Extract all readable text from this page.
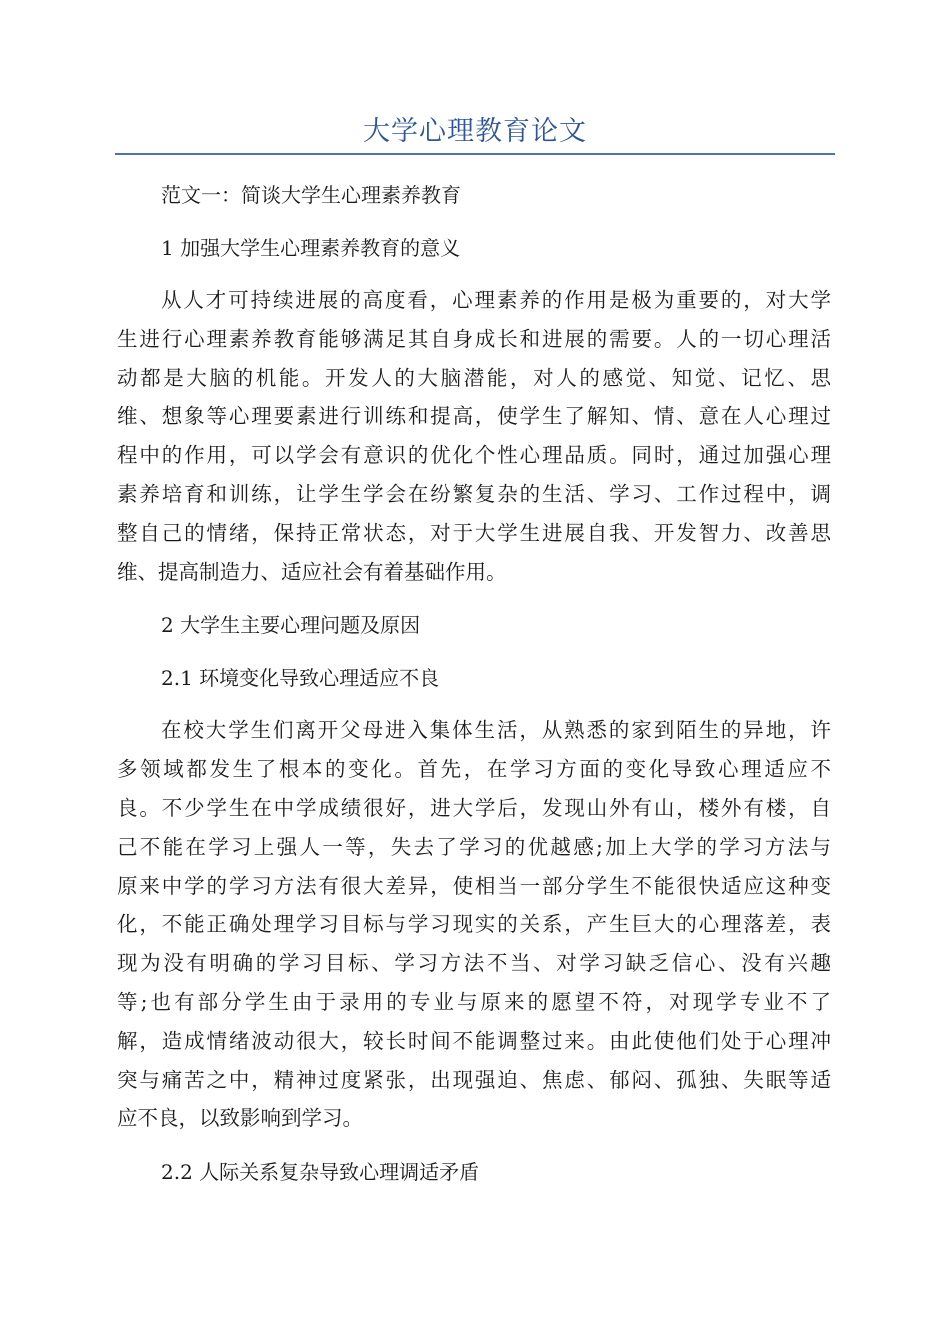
大学心理教育论文

范文一：简谈大学生心理素养教育

1 加强大学生心理素养教育的意义

从人才可持续进展的高度看，心理素养的作用是极为重要的，对大学
生进行心理素养教育能够满足其自身成长和进展的需要。人的一切心理活
动都是大脑的机能。开发人的大脑潜能，对人的感觉、知觉、记忆、思
维、想象等心理要素进行训练和提高，使学生了解知、情、意在人心理过
程中的作用，可以学会有意识的优化个性心理品质。同时，通过加强心理
素养培育和训练，让学生学会在纷繁复杂的生活、学习、工作过程中，调
整自己的情绪，保持正常状态，对于大学生进展自我、开发智力、改善思
维、提高制造力、适应社会有着基础作用。

2 大学生主要心理问题及原因

2.1 环境变化导致心理适应不良

在校大学生们离开父母进入集体生活，从熟悉的家到陌生的异地，许
多领域都发生了根本的变化。首先，在学习方面的变化导致心理适应不
良。不少学生在中学成绩很好，进大学后，发现山外有山，楼外有楼，自
己不能在学习上强人一等，失去了学习的优越感;加上大学的学习方法与
原来中学的学习方法有很大差异，使相当一部分学生不能很快适应这种变
化，不能正确处理学习目标与学习现实的关系，产生巨大的心理落差，表
现为没有明确的学习目标、学习方法不当、对学习缺乏信心、没有兴趣
等;也有部分学生由于录用的专业与原来的愿望不符，对现学专业不了
解，造成情绪波动很大，较长时间不能调整过来。由此使他们处于心理冲
突与痛苦之中，精神过度紧张，出现强迫、焦虑、郁闷、孤独、失眠等适
应不良，以致影响到学习。

2.2 人际关系复杂导致心理调适矛盾
